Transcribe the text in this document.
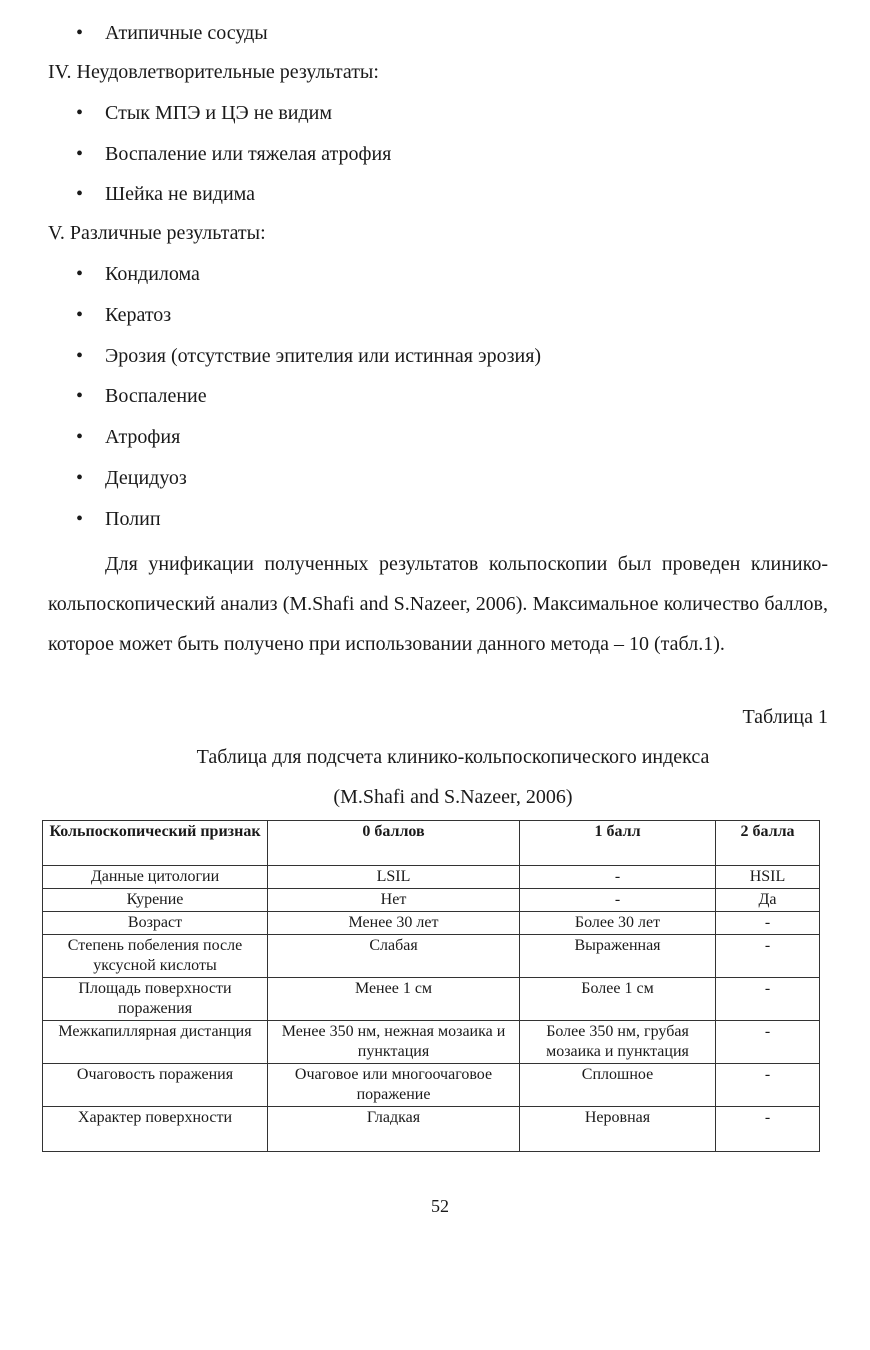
• Атипичные сосуды
IV. Неудовлетворительные результаты:
• Стык МПЭ и ЦЭ не видим
• Воспаление или тяжелая атрофия
• Шейка не видима
V. Различные результаты:
• Кондилома
• Кератоз
• Эрозия (отсутствие эпителия или истинная эрозия)
• Воспаление
• Атрофия
• Децидуоз
• Полип
Для унификации полученных результатов кольпоскопии был проведен клинико-кольпоскопический анализ (M.Shafi and S.Nazeer, 2006). Максимальное количество баллов, которое может быть получено при использовании данного метода – 10 (табл.1).
Таблица 1
Таблица для подсчета клинико-кольпоскопического индекса
(M.Shafi and S.Nazeer, 2006)
Кольпоскопический признак	0 баллов	1 балл	2 балла
Данные цитологии	LSIL	-	HSIL
Курение	Нет	-	Да
Возраст	Менее 30 лет	Более 30 лет	-
Степень побеления после уксусной кислоты	Слабая	Выраженная	-
Площадь поверхности поражения	Менее 1 см	Более 1 см	-
Межкапиллярная дистанция	Менее 350 нм, нежная мозаика и пунктация	Более 350 нм, грубая мозаика и пунктация	-
Очаговость поражения	Очаговое или многоочаговое поражение	Сплошное	-
Характер поверхности	Гладкая	Неровная	-
52
